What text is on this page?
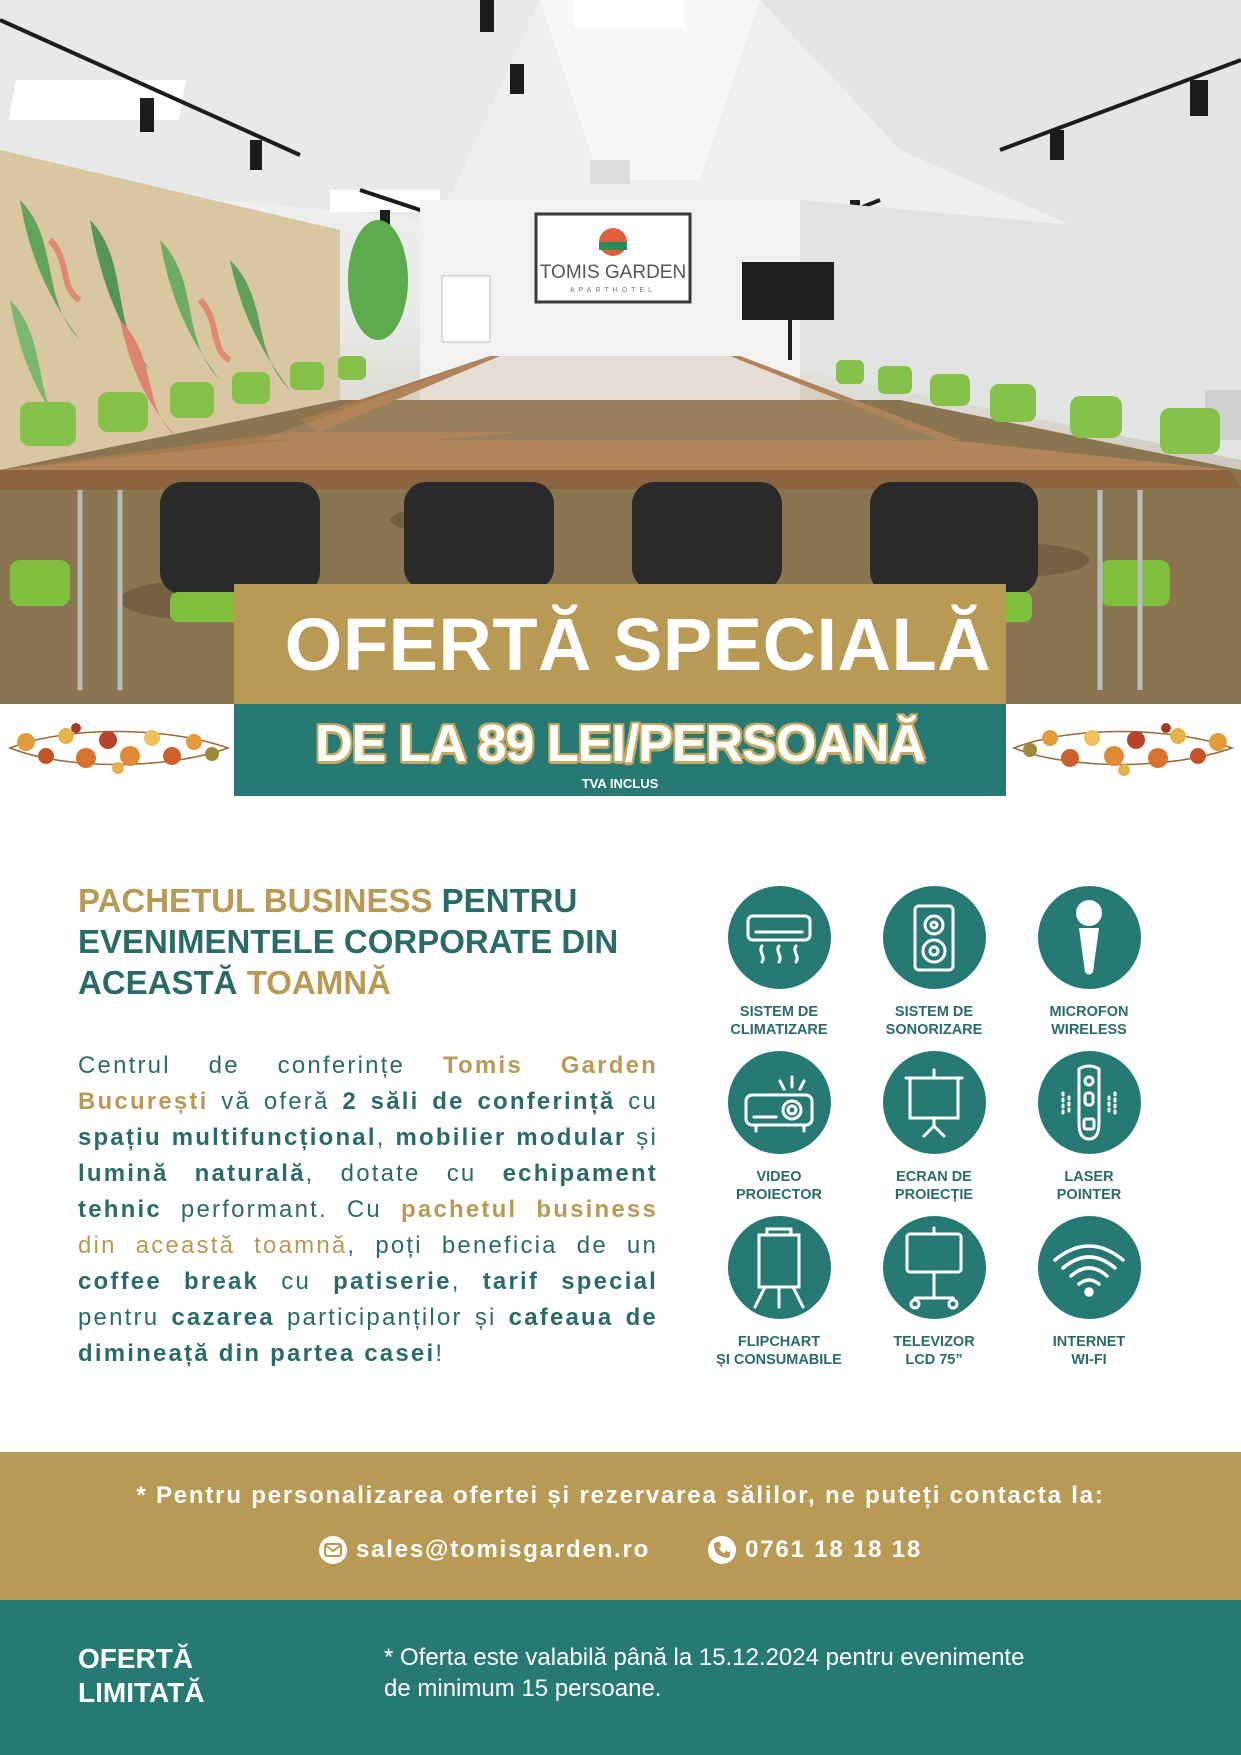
TOMIS GARDEN
APARTHOTEL
OFERTĂ SPECIALĂ
DE LA 89 LEI/PERSOANĂ
TVA INCLUS
PACHETUL BUSINESS PENTRU EVENIMENTELE CORPORATE DIN ACEASTĂ TOAMNĂ
Centrul de conferințe Tomis Garden București vă oferă 2 săli de conferință cu spațiu multifuncțional, mobilier modular și lumină naturală, dotate cu echipament tehnic performant. Cu pachetul business din această toamnă, poți beneficia de un coffee break cu patiserie, tarif special pentru cazarea participanților și cafeaua de dimineață din partea casei!
SISTEM DE
CLIMATIZARE
SISTEM DE
SONORIZARE
MICROFON
WIRELESS
VIDEO
PROIECTOR
ECRAN DE
PROIECȚIE
LASER
POINTER
FLIPCHART
ȘI CONSUMABILE
TELEVIZOR
LCD 75”
INTERNET
WI-FI
* Pentru personalizarea ofertei și rezervarea sălilor, ne puteți contacta la:
sales@tomisgarden.ro	0761 18 18 18
OFERTĂ
LIMITATĂ
* Oferta este valabilă până la 15.12.2024 pentru evenimente
de minimum 15 persoane.
